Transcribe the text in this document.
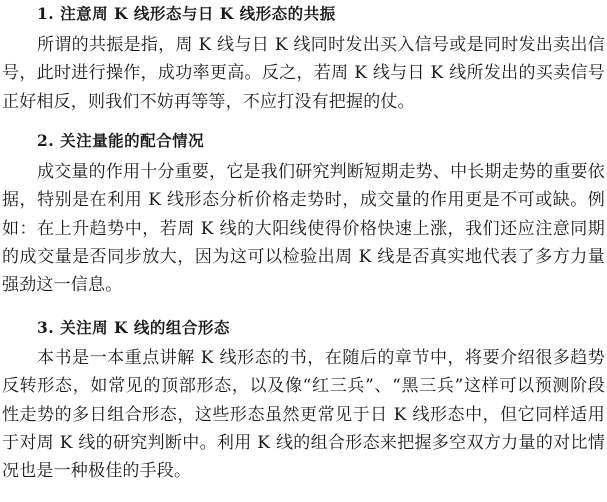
1. 注意周 K 线形态与日 K 线形态的共振
所谓的共振是指，周 K 线与日 K 线同时发出买入信号或是同时发出卖出信号，此时进行操作，成功率更高。反之，若周 K 线与日 K 线所发出的买卖信号正好相反，则我们不妨再等等，不应打没有把握的仗。
2. 关注量能的配合情况
成交量的作用十分重要，它是我们研究判断短期走势、中长期走势的重要依据，特别是在利用 K 线形态分析价格走势时，成交量的作用更是不可或缺。例如：在上升趋势中，若周 K 线的大阳线使得价格快速上涨，我们还应注意同期的成交量是否同步放大，因为这可以检验出周 K 线是否真实地代表了多方力量强劲这一信息。
3. 关注周 K 线的组合形态
本书是一本重点讲解 K 线形态的书，在随后的章节中，将要介绍很多趋势反转形态，如常见的顶部形态，以及像“红三兵”、“黑三兵”这样可以预测阶段性走势的多日组合形态，这些形态虽然更常见于日 K 线形态中，但它同样适用于对周 K 线的研究判断中。利用 K 线的组合形态来把握多空双方力量的对比情况也是一种极佳的手段。
